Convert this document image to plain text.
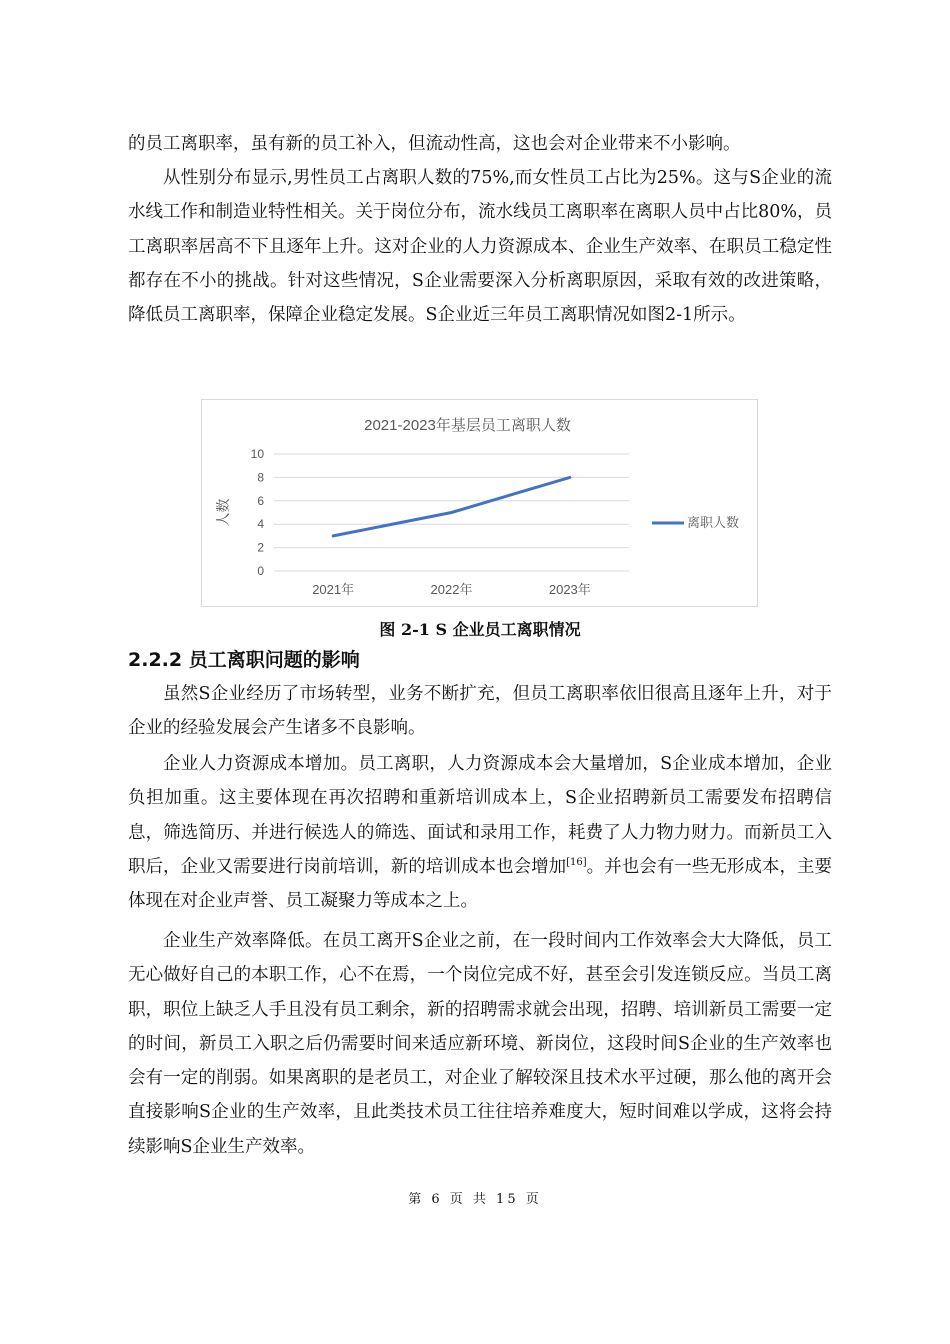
的员工离职率，虽有新的员工补入，但流动性高，这也会对企业带来不小影响。

从性别分布显示,男性员工占离职人数的75%,而女性员工占比为25%。这与S企业的流水线工作和制造业特性相关。关于岗位分布，流水线员工离职率在离职人员中占比80%，员工离职率居高不下且逐年上升。这对企业的人力资源成本、企业生产效率、在职员工稳定性都存在不小的挑战。针对这些情况，S企业需要深入分析离职原因，采取有效的改进策略，降低员工离职率，保障企业稳定发展。S企业近三年员工离职情况如图2-1所示。

2021-2023年基层员工离职人数
0
2
4
6
8
10
人数
2021年	2022年	2023年
离职人数
图 2-1 S 企业员工离职情况
2.2.2 员工离职问题的影响

虽然S企业经历了市场转型，业务不断扩充，但员工离职率依旧很高且逐年上升，对于企业的经验发展会产生诸多不良影响。

企业人力资源成本增加。员工离职，人力资源成本会大量增加，S企业成本增加，企业负担加重。这主要体现在再次招聘和重新培训成本上，S企业招聘新员工需要发布招聘信息，筛选简历、并进行候选人的筛选、面试和录用工作，耗费了人力物力财力。而新员工入职后，企业又需要进行岗前培训，新的培训成本也会增加[16]。并也会有一些无形成本，主要体现在对企业声誉、员工凝聚力等成本之上。

企业生产效率降低。在员工离开S企业之前，在一段时间内工作效率会大大降低，员工无心做好自己的本职工作，心不在焉，一个岗位完成不好，甚至会引发连锁反应。当员工离职，职位上缺乏人手且没有员工剩余，新的招聘需求就会出现，招聘、培训新员工需要一定的时间，新员工入职之后仍需要时间来适应新环境、新岗位，这段时间S企业的生产效率也会有一定的削弱。如果离职的是老员工，对企业了解较深且技术水平过硬，那么他的离开会直接影响S企业的生产效率，且此类技术员工往往培养难度大，短时间难以学成，这将会持续影响S企业生产效率。

第 6 页 共 15 页
